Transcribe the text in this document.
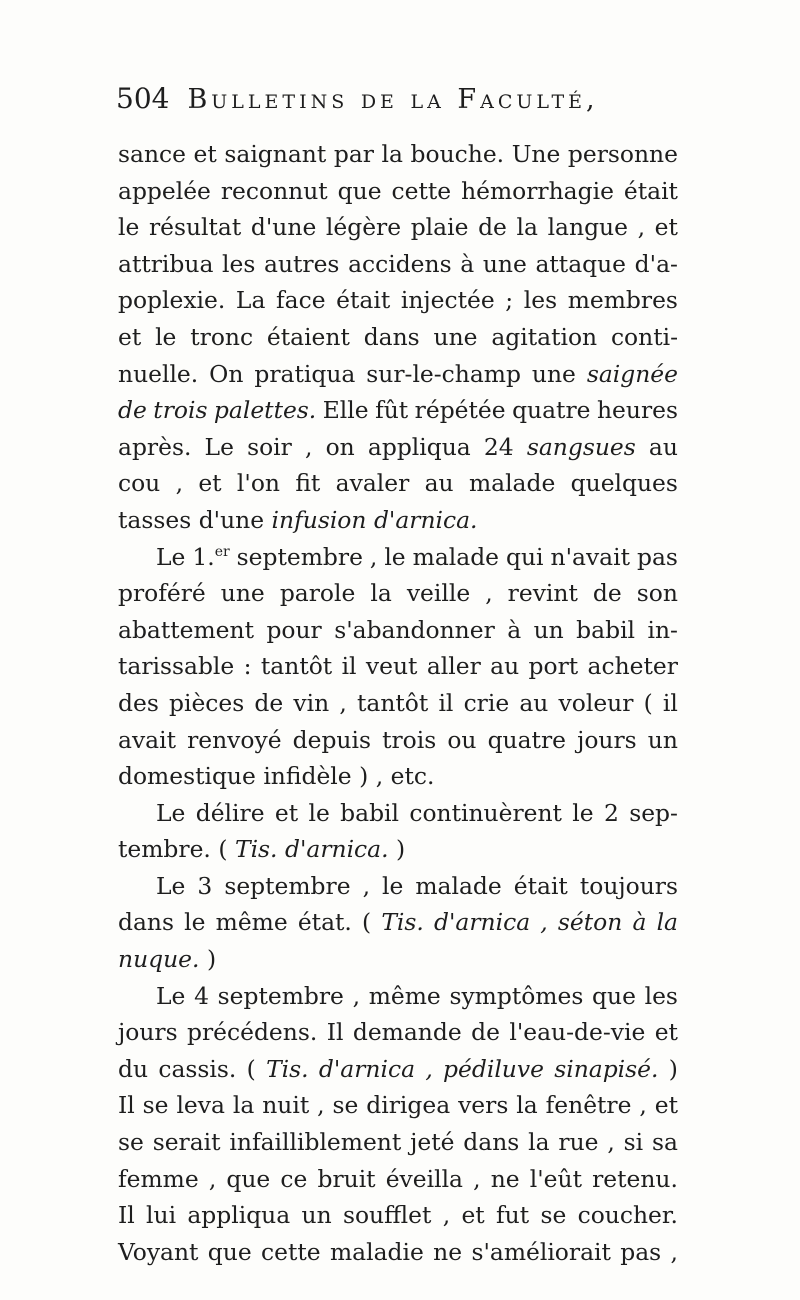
504 Bulletins de la Faculté,
sance et saignant par la bouche. Une personne
appelée reconnut que cette hémorrhagie était
le résultat d'une légère plaie de la langue , et
attribua les autres accidens à une attaque d'a-
poplexie. La face était injectée ; les membres
et le tronc étaient dans une agitation conti-
nuelle. On pratiqua sur-le-champ une saignée
de trois palettes. Elle fût répétée quatre heures
après. Le soir , on appliqua 24 sangsues au
cou , et l'on fit avaler au malade quelques
tasses d'une infusion d'arnica.
Le 1.$^{er}$ septembre , le malade qui n'avait pas
proféré une parole la veille , revint de son
abattement pour s'abandonner à un babil in-
tarissable : tantôt il veut aller au port acheter
des pièces de vin , tantôt il crie au voleur ( il
avait renvoyé depuis trois ou quatre jours un
domestique infidèle ) , etc.
Le délire et le babil continuèrent le 2 sep-
tembre. ( Tis. d'arnica. )
Le 3 septembre , le malade était toujours
dans le même état. ( Tis. d'arnica , séton à la
nuque. )
Le 4 septembre , même symptômes que les
jours précédens. Il demande de l'eau-de-vie et
du cassis. ( Tis. d'arnica , pédiluve sinapisé. )
Il se leva la nuit , se dirigea vers la fenêtre , et
se serait infailliblement jeté dans la rue , si sa
femme , que ce bruit éveilla , ne l'eût retenu.
Il lui appliqua un soufflet , et fut se coucher.
Voyant que cette maladie ne s'améliorait pas ,
